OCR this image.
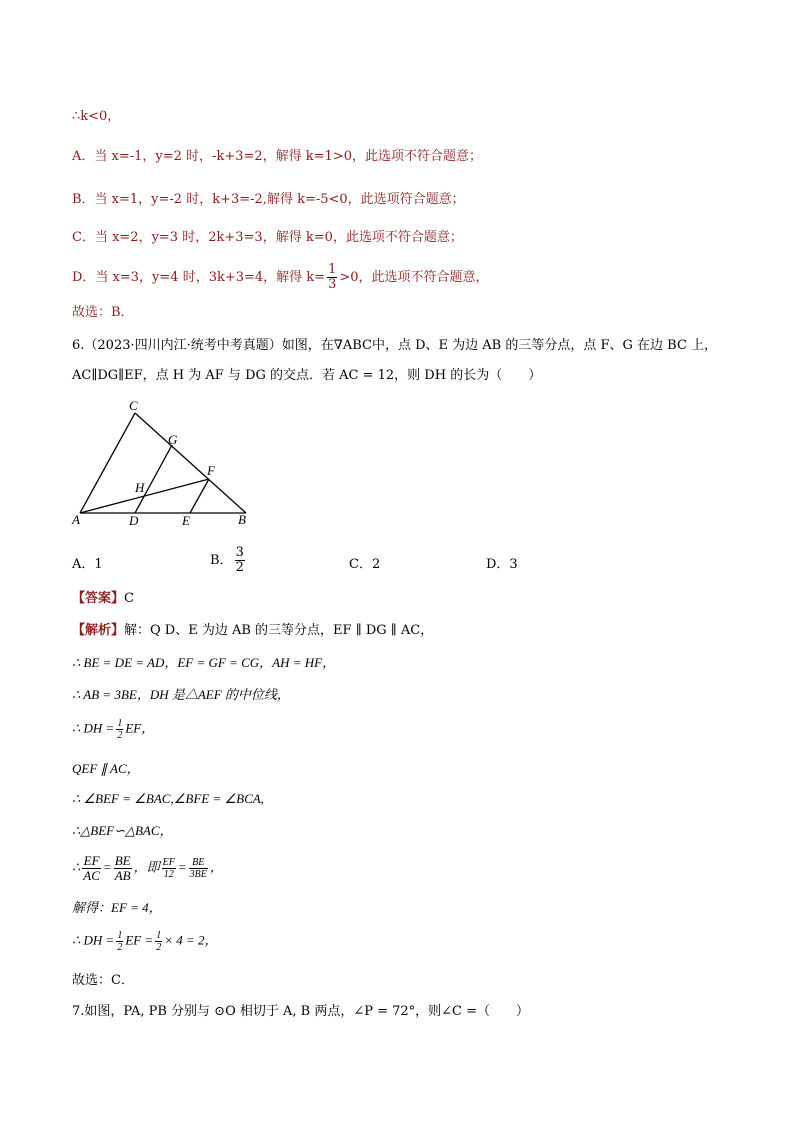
∴k<0，
A．当 x=-1，y=2 时，-k+3=2，解得 k=1>0，此选项不符合题意；
B．当 x=1，y=-2 时，k+3=-2,解得 k=-5<0，此选项符合题意；
C．当 x=2，y=3 时，2k+3=3，解得 k=0，此选项不符合题意；
D．当 x=3，y=4 时，3k+3=4，解得 $k= \frac{1}{3} >0$，此选项不符合题意，
故选：B．
6.（2023·四川内江·统考中考真题）如图，在∇ABC中，点 D、E 为边 AB 的三等分点，点 F、G 在边 BC 上，
AC∥DG∥EF，点 H 为 AF 与 DG 的交点．若 AC = 12，则 DH 的长为（　　）
C
G
F
H
A	D	E	B
A．1	B． $\frac{3}{2}$	C．2	D．3
【答案】C
【解析】解：Q D、E 为边 AB 的三等分点，EF ∥ DG ∥ AC，
∴ BE = DE = AD，EF = GF = CG，AH = HF，
∴ AB = 3BE，DH 是△AEF 的中位线，
∴ DH = $\frac{1}{2}$ EF，
QEF ∥ AC，
∴ ∠BEF = ∠BAC,∠BFE = ∠BCA,
∴△BEF∽△BAC，
∴ $\frac{EF}{AC} = \frac{BE}{AB}$ ，即 $\frac{EF}{12} = \frac{BE}{3BE}$ ，
解得：EF = 4，
∴ DH = $\frac{1}{2}$ EF = $\frac{1}{2} \times 4 = 2$，
故选：C．
7.如图，PA, PB 分别与 ⊙O 相切于 A, B 两点，∠P = 72°，则∠C =（　　）
